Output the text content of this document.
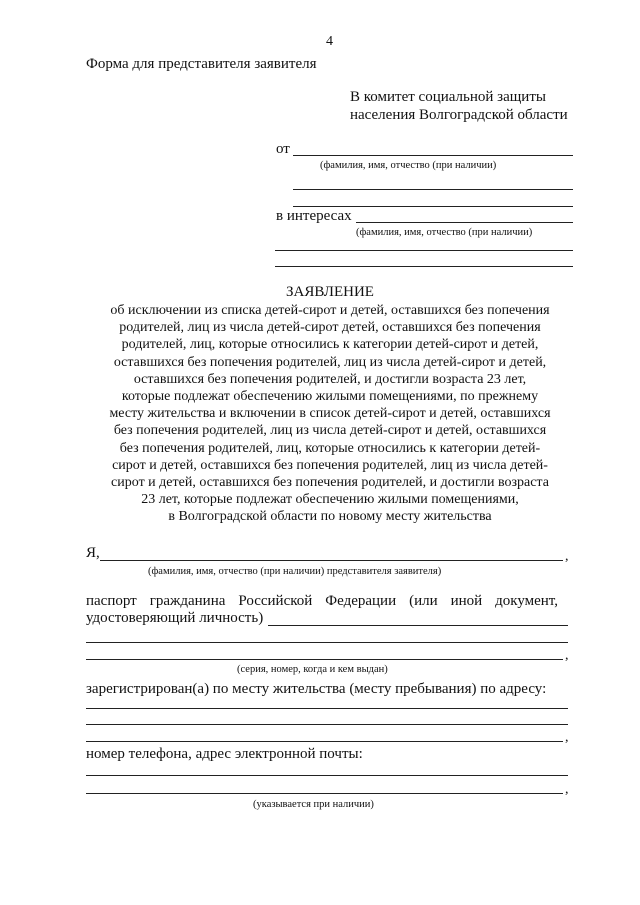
4
Форма для представителя заявителя
В комитет социальной защиты
населения Волгоградской области
от
(фамилия, имя, отчество (при наличии)
в интересах
(фамилия, имя, отчество (при наличии)
ЗАЯВЛЕНИЕ
об исключении из списка детей-сирот и детей, оставшихся без попечения
родителей, лиц из числа детей-сирот детей, оставшихся без попечения
родителей, лиц, которые относились к категории детей-сирот и детей,
оставшихся без попечения родителей, лиц из числа детей-сирот и детей,
оставшихся без попечения родителей, и достигли возраста 23 лет,
которые подлежат обеспечению жилыми помещениями, по прежнему
месту жительства и включении в список детей-сирот и детей, оставшихся
без попечения родителей, лиц из числа детей-сирот и детей, оставшихся
без попечения родителей, лиц, которые относились к категории детей-
сирот и детей, оставшихся без попечения родителей, лиц из числа детей-
сирот и детей, оставшихся без попечения родителей, и достигли возраста
23 лет, которые подлежат обеспечению жилыми помещениями,
в Волгоградской области по новому месту жительства
Я,	,
(фамилия, имя, отчество (при наличии) представителя заявителя)
паспорт гражданина Российской Федерации (или иной документ,
удостоверяющий личность)
,
(серия, номер, когда и кем выдан)
зарегистрирован(а) по месту жительства (месту пребывания) по адресу:
,
номер телефона, адрес электронной почты:
,
(указывается при наличии)
